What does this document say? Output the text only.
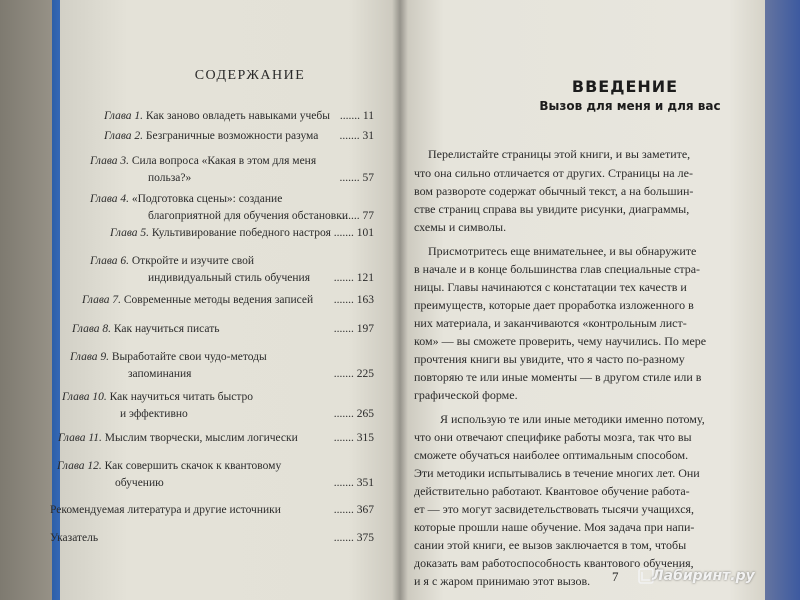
СОДЕРЖАНИЕ
Глава 1. Как заново овладеть навыками учебы ....... 11
Глава 2. Безграничные возможности разума	....... 31
Глава 3. Сила вопроса «Какая в этом для меня
польза?»	....... 57
Глава 4. «Подготовка сцены»: создание
благоприятной для обучения обстановки
....... 77
Глава 5. Культивирование победного настроя ....... 101
Глава 6. Откройте и изучите свой
индивидуальный стиль обучения	....... 121
Глава 7. Современные методы ведения записей	....... 163
Глава 8. Как научиться писать	....... 197
Глава 9. Выработайте свои чудо-методы
запоминания	....... 225
Глава 10. Как научиться читать быстро
и эффективно	....... 265
Глава 11. Мыслим творчески, мыслим логически	....... 315
Глава 12. Как совершить скачок к квантовому
обучению	....... 351
Рекомендуемая литература и другие источники	....... 367
Указатель	....... 375
ВВЕДЕНИЕ
Вызов для меня и для вас
Перелистайте страницы этой книги, и вы заметите,
что она сильно отличается от других. Страницы на ле-
вом развороте содержат обычный текст, а на большин-
стве страниц справа вы увидите рисунки, диаграммы,
схемы и символы.
Присмотритесь еще внимательнее, и вы обнаружите
в начале и в конце большинства глав специальные стра-
ницы. Главы начинаются с констатации тех качеств и
преимуществ, которые дает проработка изложенного в
них материала, и заканчиваются «контрольным лист-
ком» — вы сможете проверить, чему научились. По мере
прочтения книги вы увидите, что я часто по-разному
повторяю те или иные моменты — в другом стиле или в
графической форме.
Я использую те или иные методики именно потому,
что они отвечают специфике работы мозга, так что вы
сможете обучаться наиболее оптимальным способом.
Эти методики испытывались в течение многих лет. Они
действительно работают. Квантовое обучение работа-
ет — это могут засвидетельствовать тысячи учащихся,
которые прошли наше обучение. Моя задача при напи-
сании этой книги, ее вызов заключается в том, чтобы
доказать вам работоспособность квантового обучения,
и я с жаром принимаю этот вызов. 7 Лабиринт.ру
